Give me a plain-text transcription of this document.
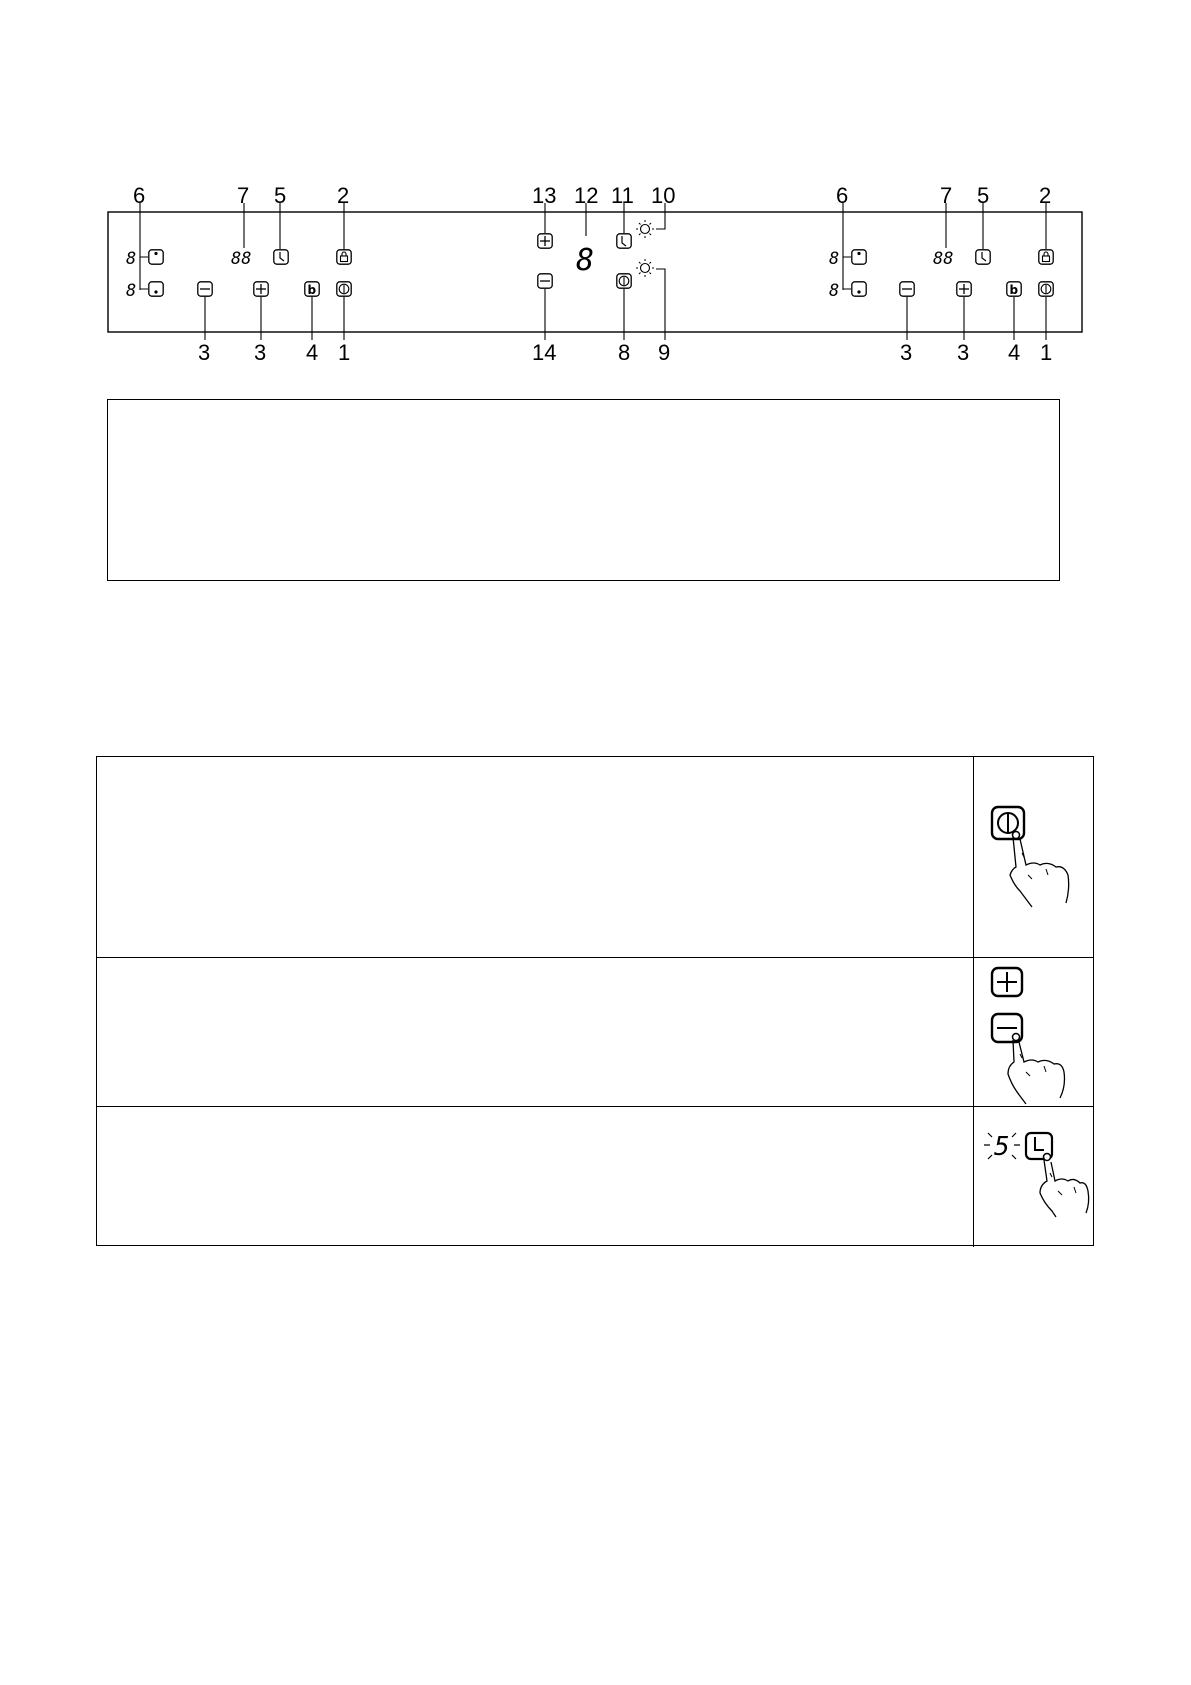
8
8
88
b
6	7 5 2
3 3 4 1
8
13 12 11 10
14	8 9
8
8
88
b
6	7 5 2
3 3 4 1
5
